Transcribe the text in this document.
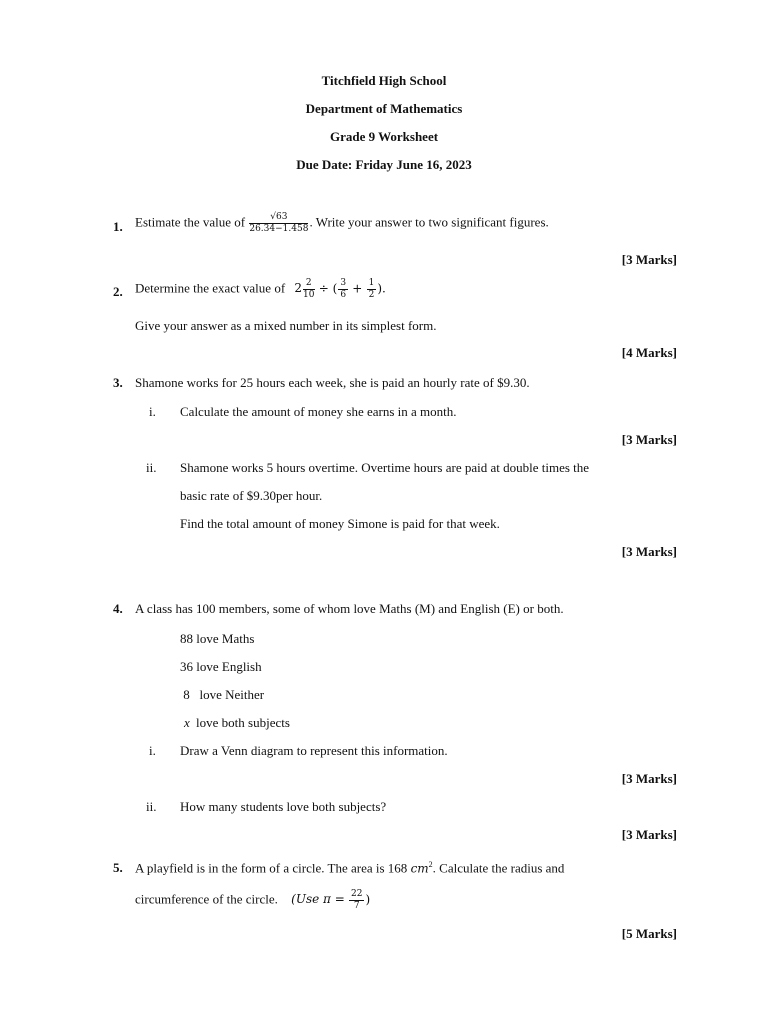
Titchfield High School
Department of Mathematics
Grade 9 Worksheet
Due Date: Friday June 16, 2023
1. Estimate the value of $\frac{√63}{26.34-1.458}$ . Write your answer to two significant figures.
[3 Marks]
2. Determine the exact value of $2 \frac{2}{10}$ ÷ ( $\frac{3}{6} + \frac{1}{2}$ ).
Give your answer as a mixed number in its simplest form.
[4 Marks]
3. Shamone works for 25 hours each week, she is paid an hourly rate of $9.30.
i. Calculate the amount of money she earns in a month.
[3 Marks]
ii. Shamone works 5 hours overtime. Overtime hours are paid at double times the
basic rate of $9.30per hour.
Find the total amount of money Simone is paid for that week.
[3 Marks]
4. A class has 100 members, some of whom love Maths (M) and English (E) or both.
88 love Maths
36 love English
8   love Neither
x love both subjects
i. Draw a Venn diagram to represent this information.
[3 Marks]
ii. How many students love both subjects?
[3 Marks]
5. A playfield is in the form of a circle. The area is 168 $cm^2$. Calculate the radius and
circumference of the circle. (Use $\pi = \frac{22}{7}$ )
[5 Marks]
